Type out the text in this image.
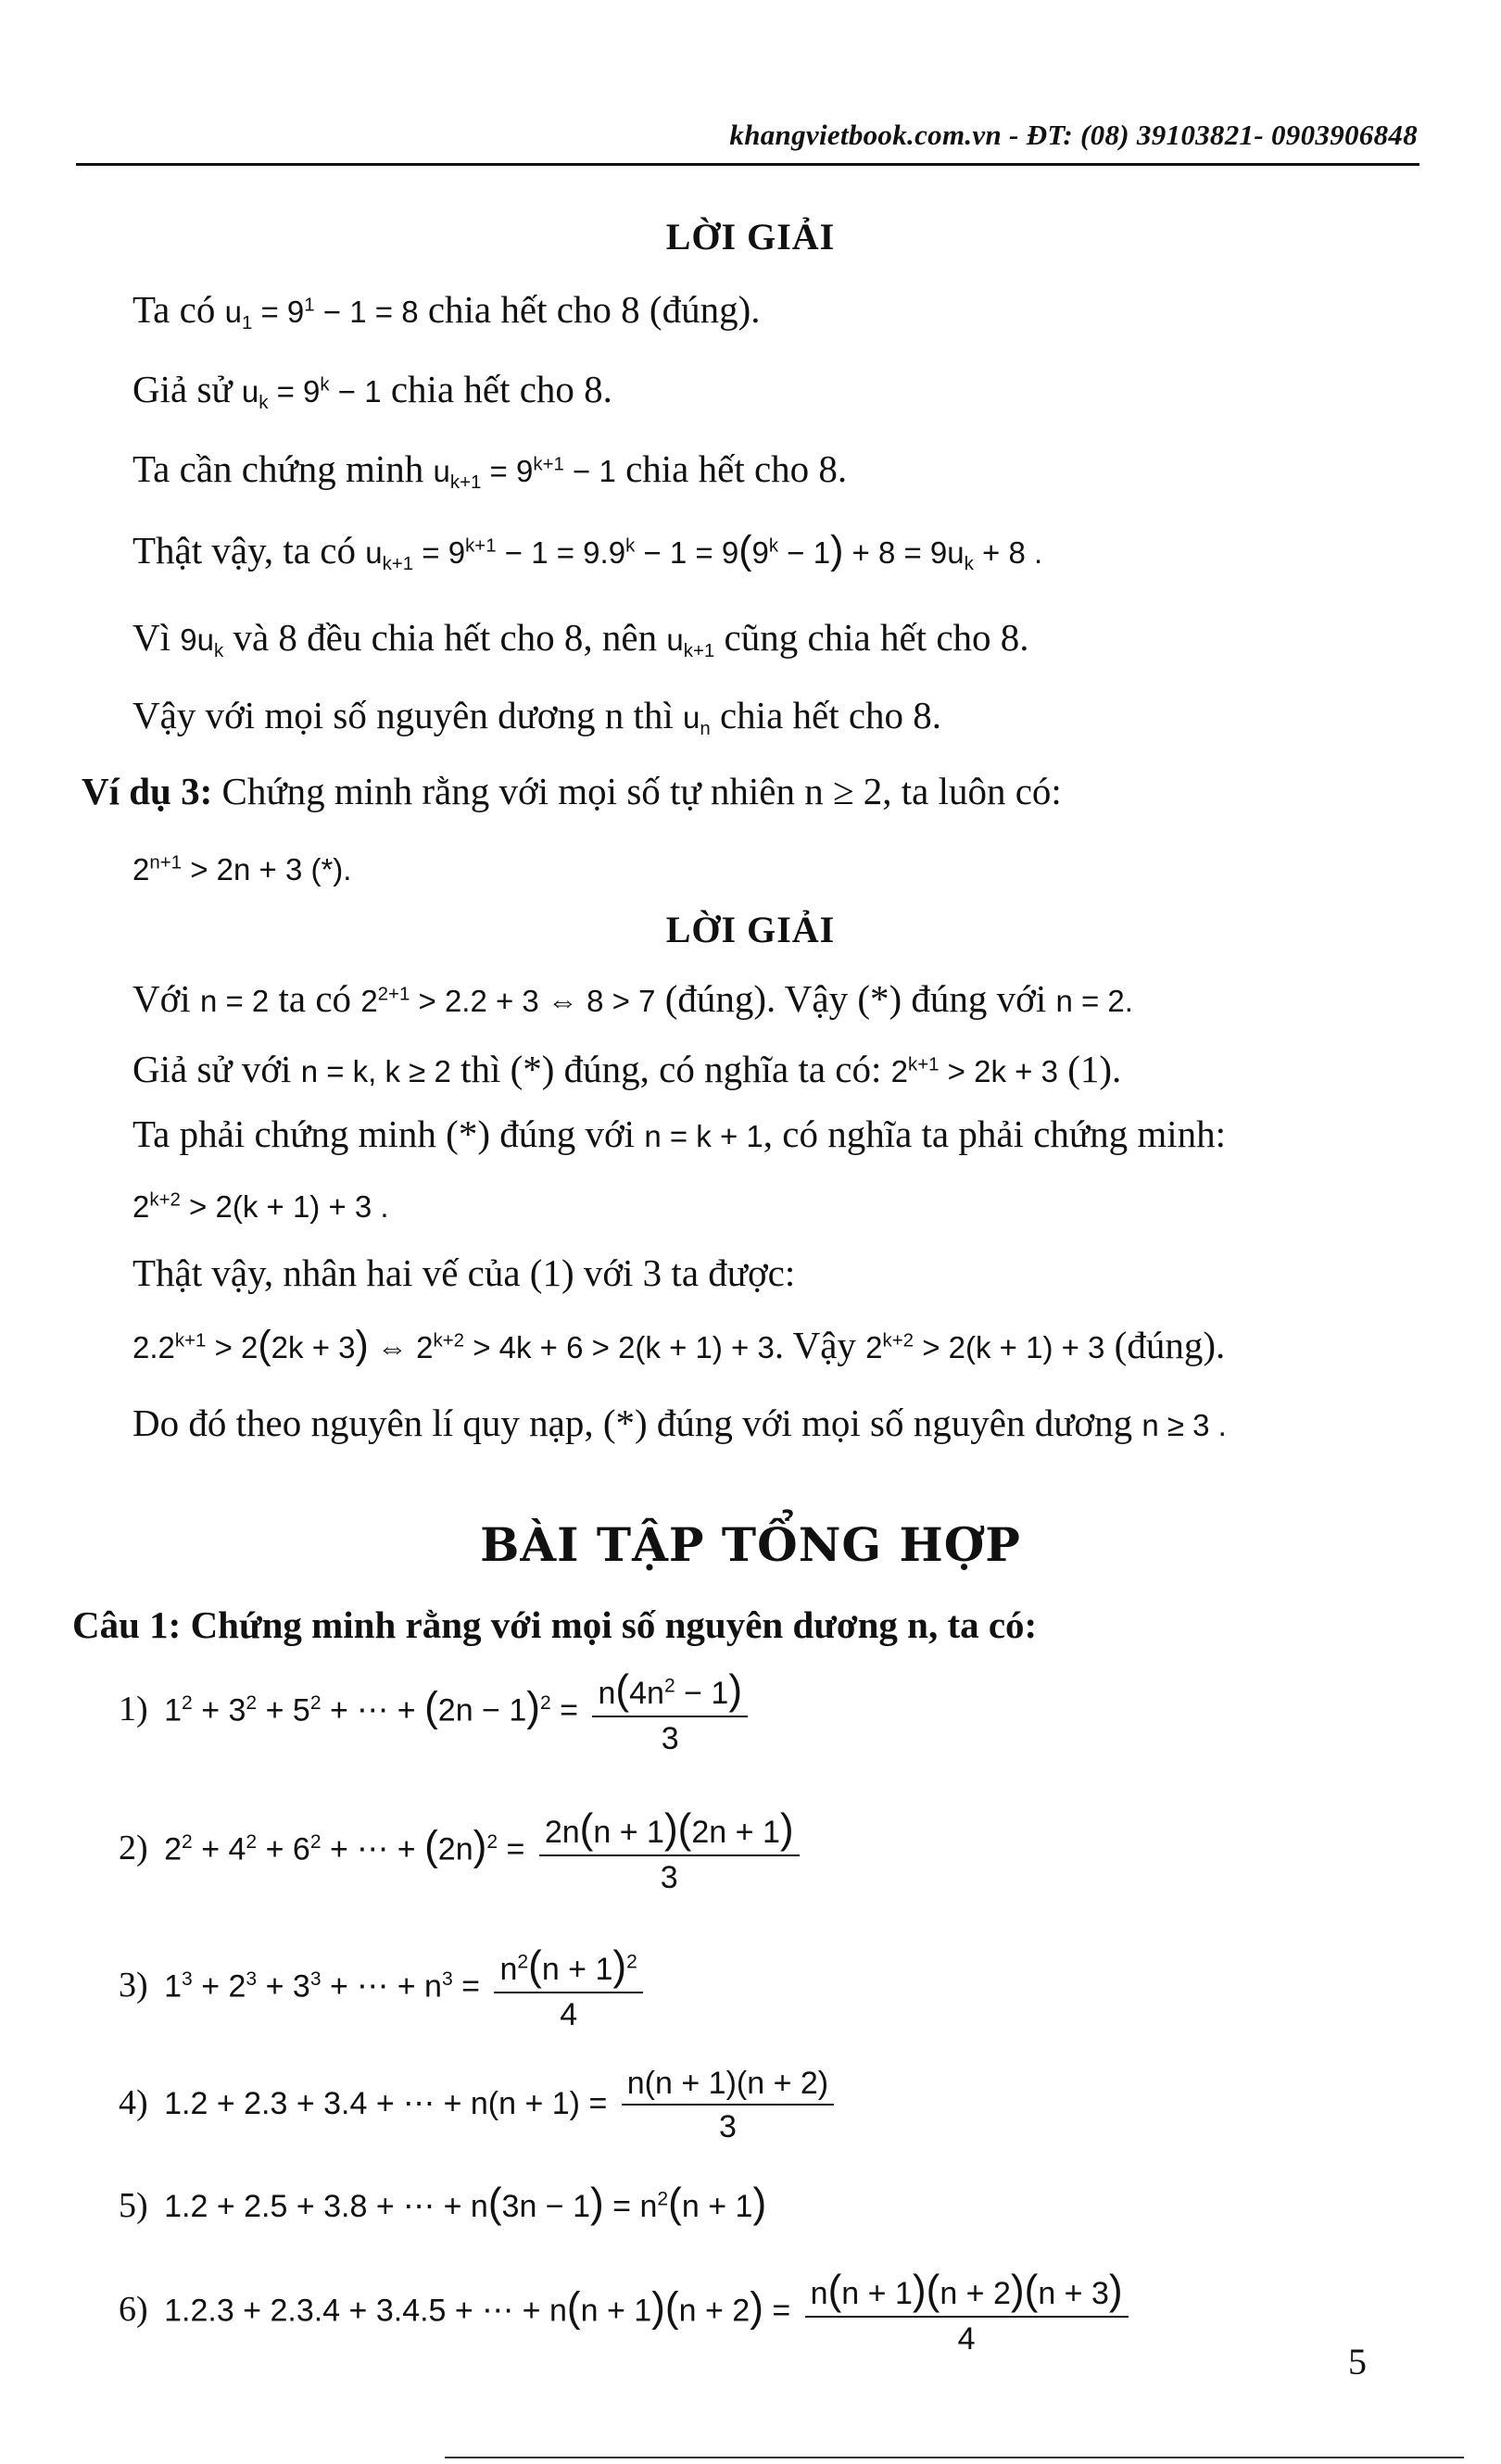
khangvietbook.com.vn - ĐT: (08) 39103821- 0903906848
LỜI GIẢI
Ta có $u_1 = 9^1 - 1 = 8$ chia hết cho 8 (đúng).
Giả sử $u_k = 9^k - 1$ chia hết cho 8.
Ta cần chứng minh $u_{k+1} = 9^{k+1} - 1$ chia hết cho 8.
Thật vậy, ta có $u_{k+1} = 9^{k+1} - 1 = 9.9^k - 1 = 9(9^k - 1) + 8 = 9u_k + 8$ .
Vì $9u_k$ và 8 đều chia hết cho 8, nên $u_{k+1}$ cũng chia hết cho 8.
Vậy với mọi số nguyên dương n thì $u_n$ chia hết cho 8.
Ví dụ 3: Chứng minh rằng với mọi số tự nhiên n ≥ 2, ta luôn có:
$2^{n+1} > 2n + 3$ (*).
LỜI GIẢI
Với n = 2 ta có $2^{2+1} > 2.2 + 3$ ⇔ 8 > 7 (đúng). Vậy (*) đúng với n = 2.
Giả sử với n = k, k ≥ 2 thì (*) đúng, có nghĩa ta có: $2^{k+1} > 2k + 3$ (1).
Ta phải chứng minh (*) đúng với n = k + 1, có nghĩa ta phải chứng minh:
$2^{k+2} > 2(k + 1) + 3$ .
Thật vậy, nhân hai vế của (1) với 3 ta được:
$2.2^{k+1} > 2(2k + 3)$ ⇔ $2^{k+2} > 4k + 6 > 2(k + 1) + 3$. Vậy $2^{k+2} > 2(k + 1) + 3$ (đúng).
Do đó theo nguyên lí quy nạp, (*) đúng với mọi số nguyên dương n ≥ 3 .
BÀI TẬP TỔNG HỢP
Câu 1: Chứng minh rằng với mọi số nguyên dương n, ta có:
1) $1^2 + 3^2 + 5^2$ + ⋯ + $(2n - 1)^2 = \frac{n(4n^2 - 1)}{3}$
2) $2^2 + 4^2 + 6^2$ + ⋯ + $(2n)^2 = \frac{2n(n + 1)(2n + 1)}{3}$
3) $1^3 + 2^3 + 3^3$ + ⋯ + $n^3 = \frac{n^2(n + 1)^2}{4}$
4) 1.2 + 2.3 + 3.4 + ⋯ + $n(n + 1) = \frac{n(n + 1)(n + 2)}{3}$
5) 1.2 + 2.5 + 3.8 + ⋯ + $n(3n - 1) = n^2(n + 1)$
6) 1.2.3 + 2.3.4 + 3.4.5 + ⋯ + $n(n + 1)(n + 2) = \frac{n(n + 1)(n + 2)(n + 3)}{4}$
5
